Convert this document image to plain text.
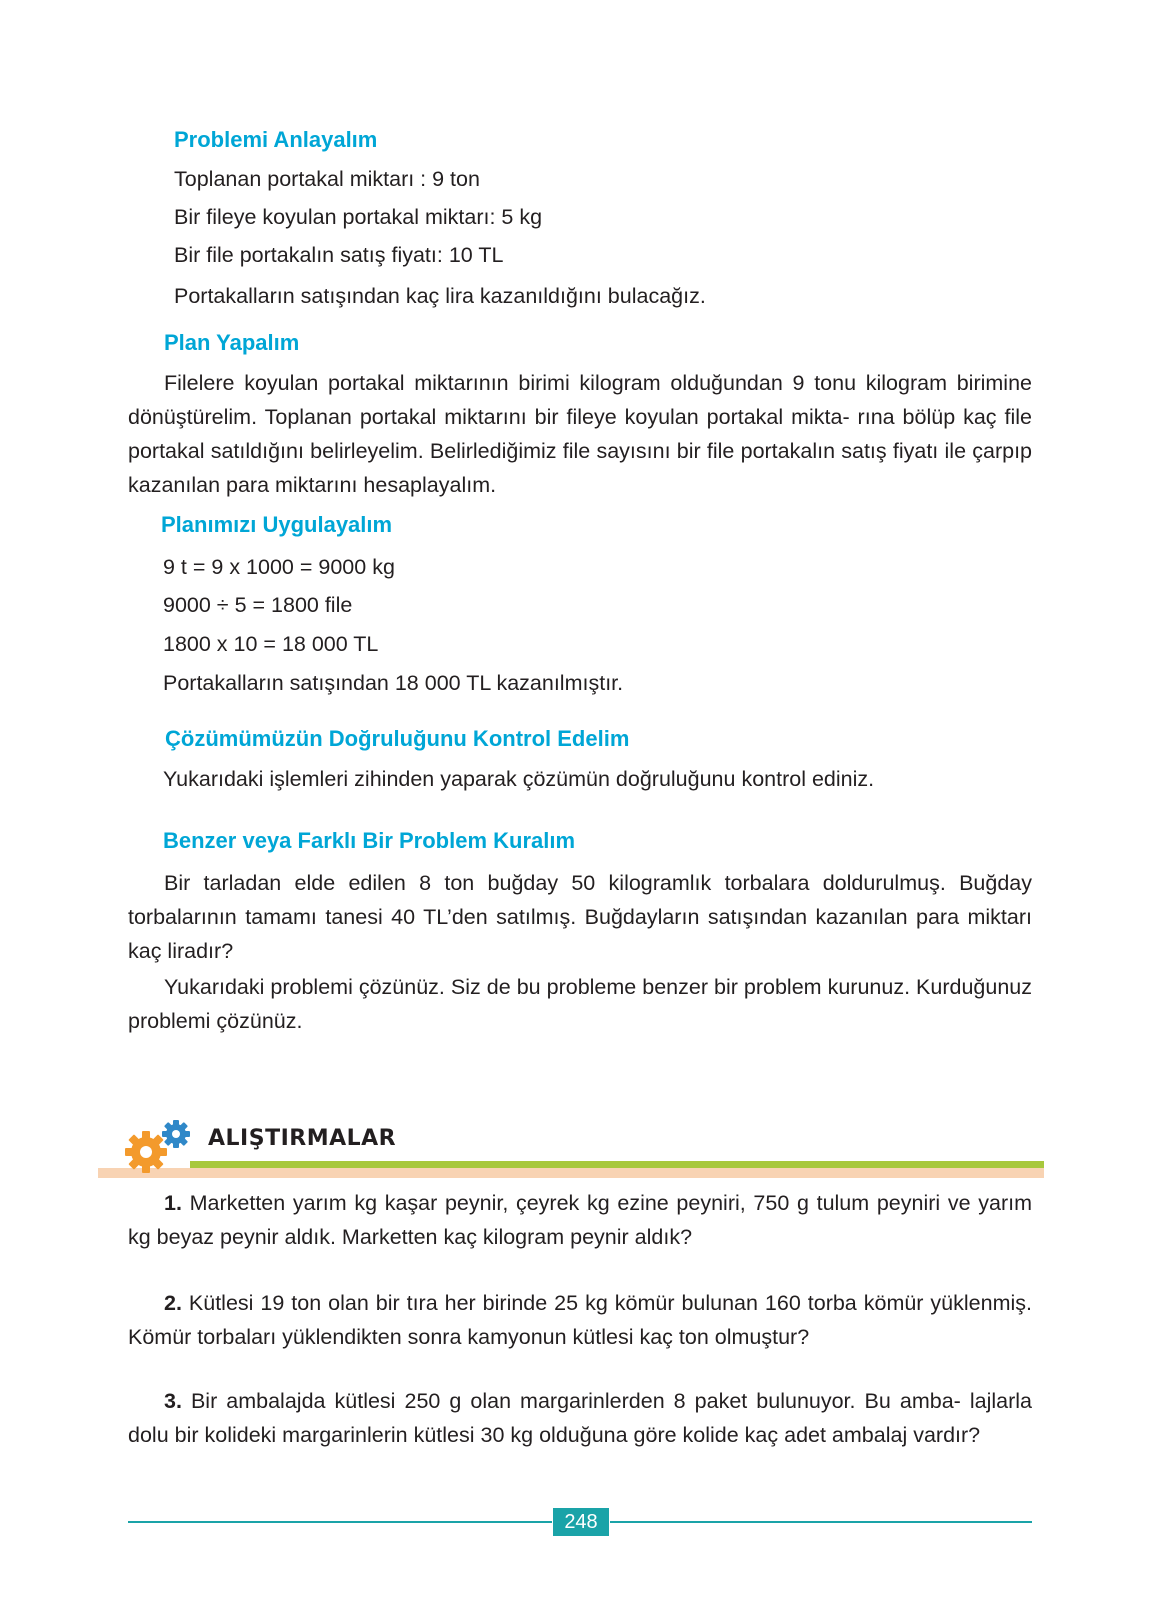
Problemi Anlayalım
Toplanan portakal miktarı : 9 ton
Bir fileye koyulan portakal miktarı: 5 kg
Bir file portakalın satış fiyatı: 10 TL
Portakalların satışından kaç lira kazanıldığını bulacağız.
Plan Yapalım
Filelere koyulan portakal miktarının birimi kilogram olduğundan 9 tonu kilogram birimine dönüştürelim. Toplanan portakal miktarını bir fileye koyulan portakal mikta- rına bölüp kaç file portakal satıldığını belirleyelim. Belirlediğimiz file sayısını bir file portakalın satış fiyatı ile çarpıp kazanılan para miktarını hesaplayalım.
Planımızı Uygulayalım
9 t = 9 x 1000 = 9000 kg
9000 ÷ 5 = 1800 file
1800 x 10 = 18 000 TL
Portakalların satışından 18 000 TL kazanılmıştır.
Çözümümüzün Doğruluğunu Kontrol Edelim
Yukarıdaki işlemleri zihinden yaparak çözümün doğruluğunu kontrol ediniz.
Benzer veya Farklı Bir Problem Kuralım
Bir tarladan elde edilen 8 ton buğday 50 kilogramlık torbalara doldurulmuş. Buğday torbalarının tamamı tanesi 40 TL’den satılmış. Buğdayların satışından kazanılan para miktarı kaç liradır?
Yukarıdaki problemi çözünüz. Siz de bu probleme benzer bir problem kurunuz. Kurduğunuz problemi çözünüz.
ALIŞTIRMALAR
1. Marketten yarım kg kaşar peynir, çeyrek kg ezine peyniri, 750 g tulum peyniri ve yarım kg beyaz peynir aldık. Marketten kaç kilogram peynir aldık?
2. Kütlesi 19 ton olan bir tıra her birinde 25 kg kömür bulunan 160 torba kömür yüklenmiş. Kömür torbaları yüklendikten sonra kamyonun kütlesi kaç ton olmuştur?
3. Bir ambalajda kütlesi 250 g olan margarinlerden 8 paket bulunuyor. Bu amba- lajlarla dolu bir kolideki margarinlerin kütlesi 30 kg olduğuna göre kolide kaç adet ambalaj vardır?
248
